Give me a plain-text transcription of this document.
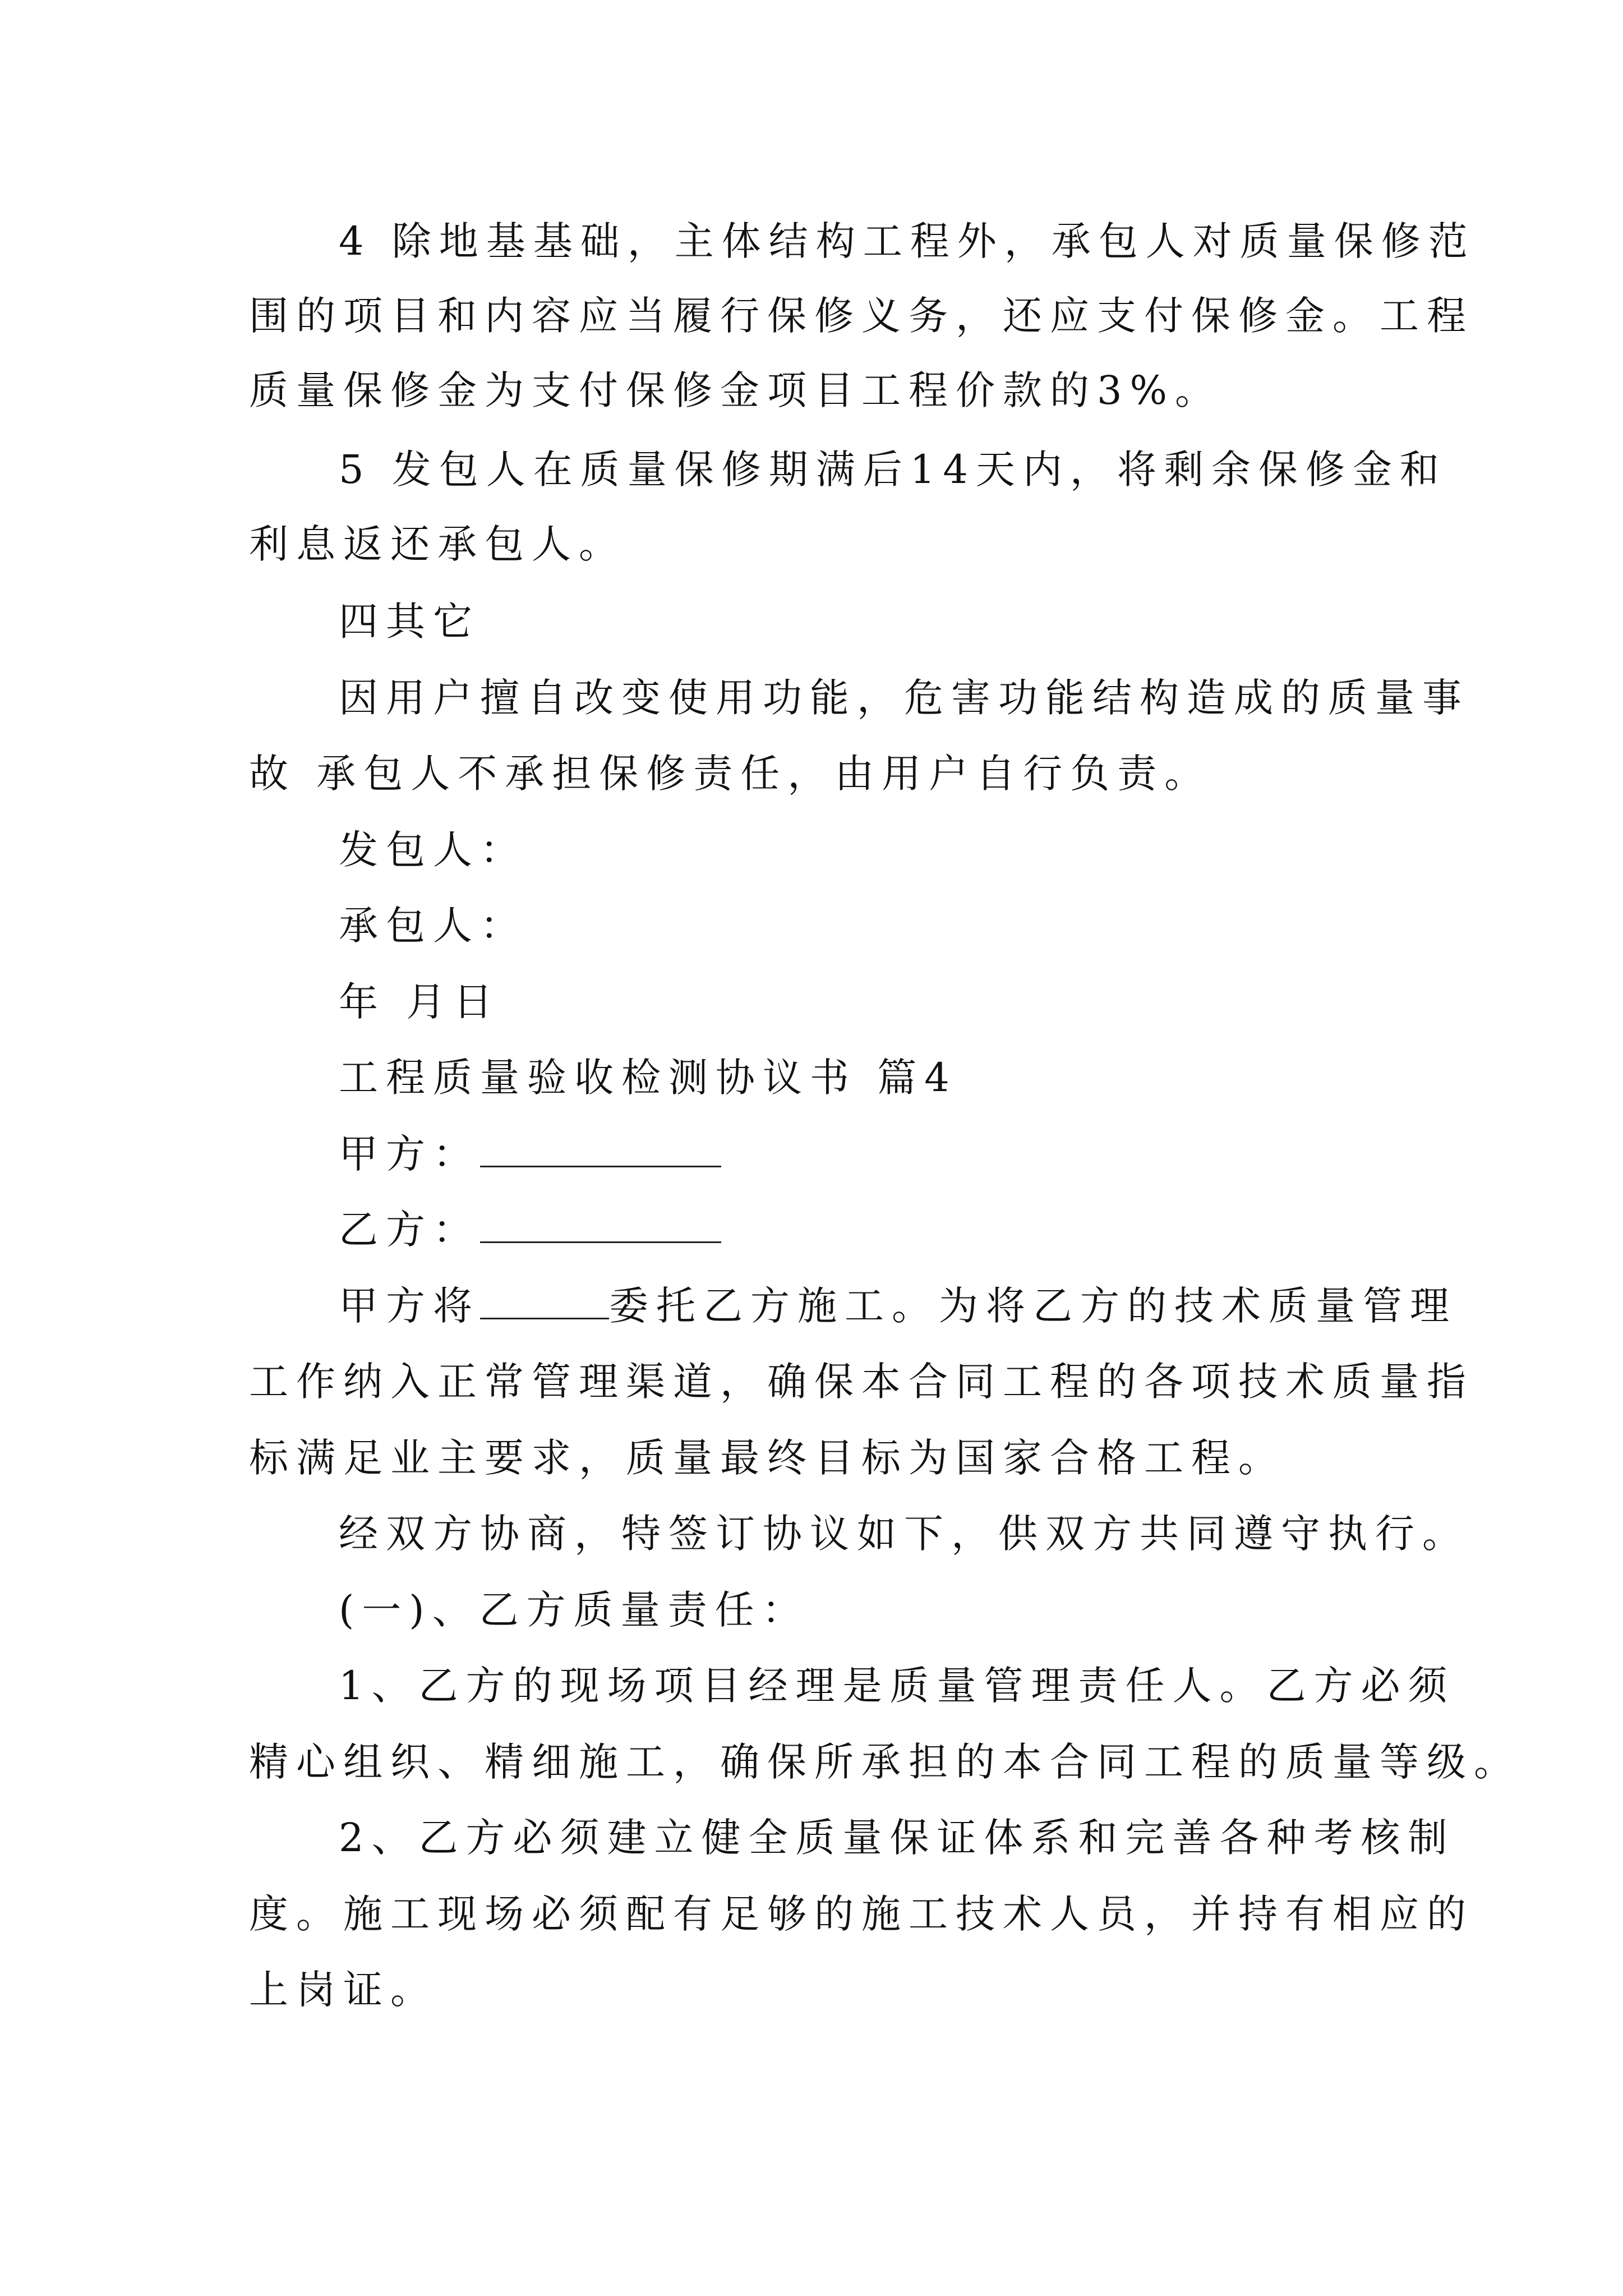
4 除地基基础，主体结构工程外，承包人对质量保修范
围的项目和内容应当履行保修义务，还应支付保修金。工程
质量保修金为支付保修金项目工程价款的3%。
5 发包人在质量保修期满后14天内，将剩余保修金和
利息返还承包人。
四其它
因用户擅自改变使用功能，危害功能结构造成的质量事
故 承包人不承担保修责任，由用户自行负责。
发包人：
承包人：
年 月日
工程质量验收检测协议书 篇4
甲方：
乙方：
甲方将	委托乙方施工。为将乙方的技术质量管理
工作纳入正常管理渠道，确保本合同工程的各项技术质量指
标满足业主要求，质量最终目标为国家合格工程。
经双方协商，特签订协议如下，供双方共同遵守执行。
(一)、乙方质量责任：
1、乙方的现场项目经理是质量管理责任人。乙方必须
精心组织、精细施工，确保所承担的本合同工程的质量等级。
2、乙方必须建立健全质量保证体系和完善各种考核制
度。施工现场必须配有足够的施工技术人员，并持有相应的
上岗证。
